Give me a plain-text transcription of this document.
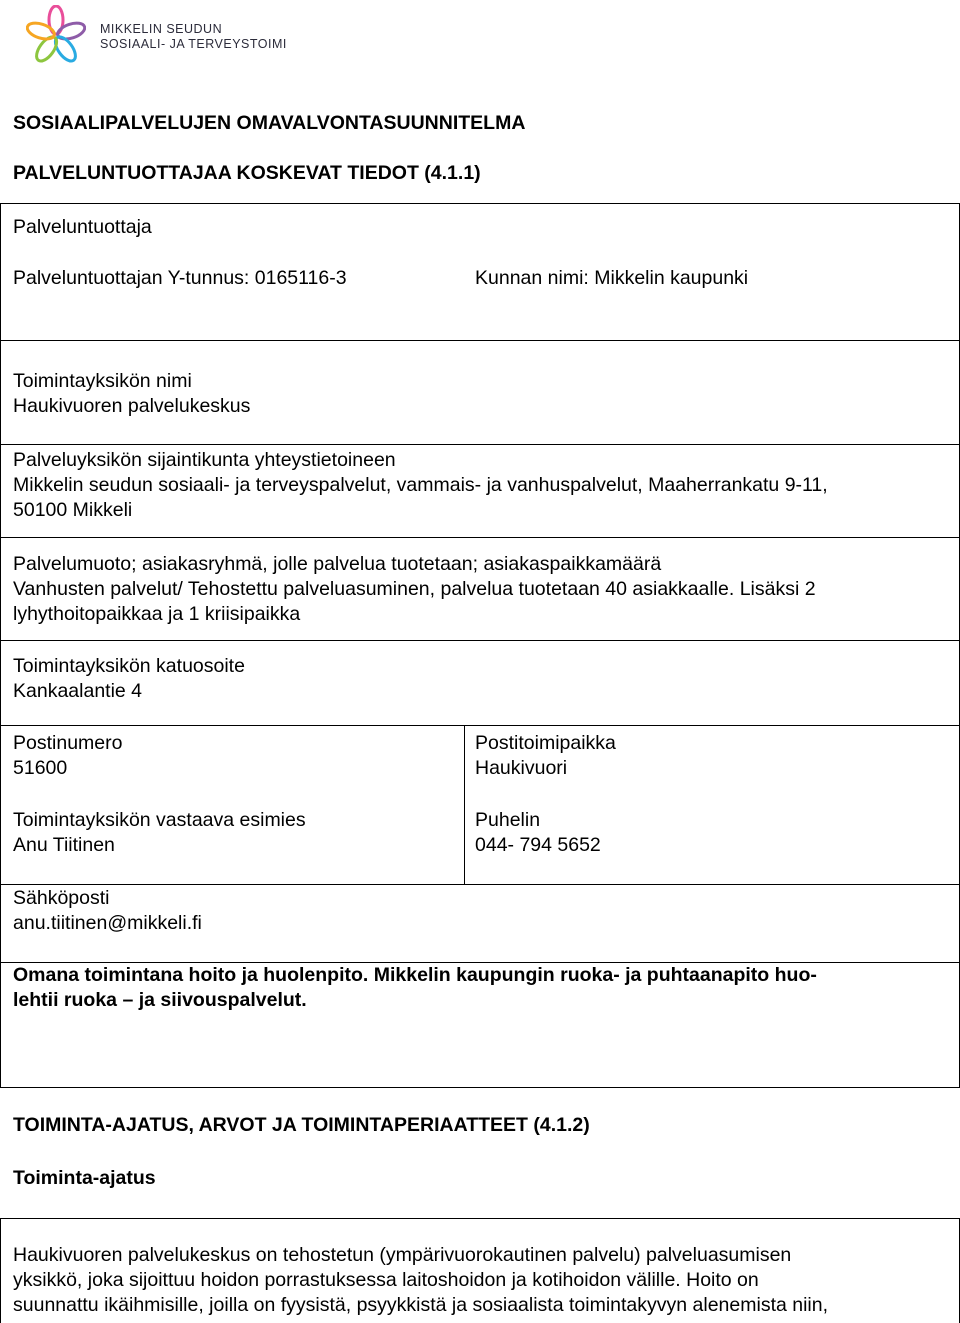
MIKKELIN SEUDUN
SOSIAALI- JA TERVEYSTOIMI
SOSIAALIPALVELUJEN OMAVALVONTASUUNNITELMA
PALVELUNTUOTTAJAA KOSKEVAT TIEDOT (4.1.1)
Palveluntuottaja
Palveluntuottajan Y-tunnus: 0165116-3	Kunnan nimi: Mikkelin kaupunki
Toimintayksikön nimi
Haukivuoren palvelukeskus
Palveluyksikön sijaintikunta yhteystietoineen
Mikkelin seudun sosiaali- ja terveyspalvelut, vammais- ja vanhuspalvelut, Maaherrankatu 9-11,
50100 Mikkeli
Palvelumuoto; asiakasryhmä, jolle palvelua tuotetaan; asiakaspaikkamäärä
Vanhusten palvelut/ Tehostettu palveluasuminen, palvelua tuotetaan 40 asiakkaalle. Lisäksi 2
lyhythoitopaikkaa ja 1 kriisipaikka
Toimintayksikön katuosoite
Kankaalantie 4
Postinumero
51600
Postitoimipaikka
Haukivuori
Toimintayksikön vastaava esimies
Anu Tiitinen
Puhelin
044- 794 5652
Sähköposti
anu.tiitinen@mikkeli.fi
Omana toimintana hoito ja huolenpito. Mikkelin kaupungin ruoka- ja puhtaanapito huo-
lehtii ruoka – ja siivouspalvelut.
TOIMINTA-AJATUS, ARVOT JA TOIMINTAPERIAATTEET (4.1.2)
Toiminta-ajatus
Haukivuoren palvelukeskus on tehostetun (ympärivuorokautinen palvelu) palveluasumisen
yksikkö, joka sijoittuu hoidon porrastuksessa laitoshoidon ja kotihoidon välille. Hoito on
suunnattu ikäihmisille, joilla on fyysistä, psyykkistä ja sosiaalista toimintakyvyn alenemista niin,
